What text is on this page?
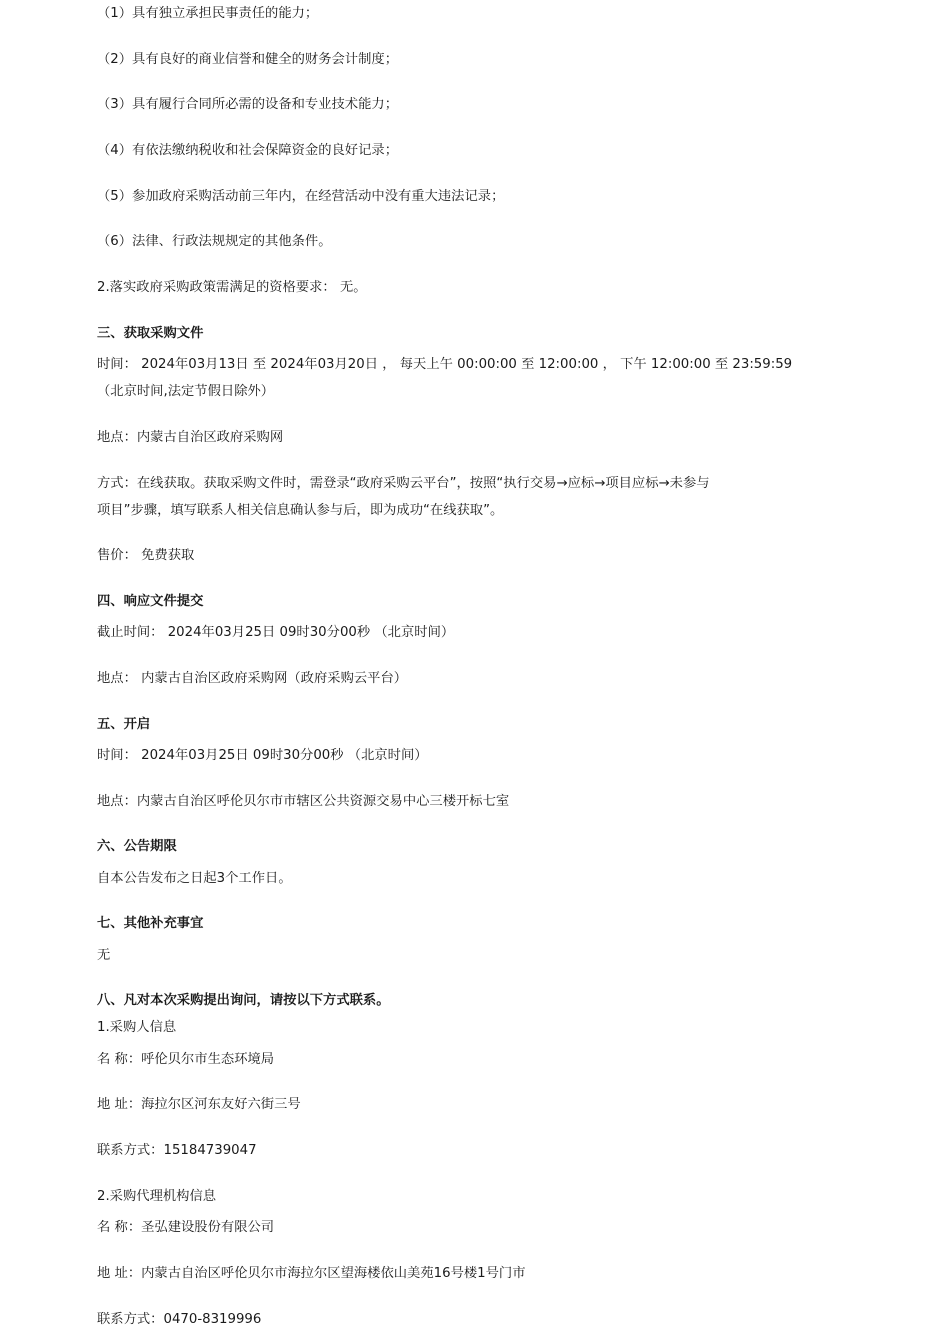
（1）具有独立承担民事责任的能力；
（2）具有良好的商业信誉和健全的财务会计制度；
（3）具有履行合同所必需的设备和专业技术能力；
（4）有依法缴纳税收和社会保障资金的良好记录；
（5）参加政府采购活动前三年内，在经营活动中没有重大违法记录；
（6）法律、行政法规规定的其他条件。
2.落实政府采购政策需满足的资格要求： 无。
三、获取采购文件
时间： 2024年03月13日 至 2024年03月20日 ， 每天上午 00:00:00 至 12:00:00 ， 下午 12:00:00 至 23:59:59
（北京时间,法定节假日除外）
地点：内蒙古自治区政府采购网
方式：在线获取。获取采购文件时，需登录“政府采购云平台”，按照“执行交易→应标→项目应标→未参与
项目”步骤，填写联系人相关信息确认参与后，即为成功“在线获取”。
售价： 免费获取
四、响应文件提交
截止时间： 2024年03月25日 09时30分00秒 （北京时间）
地点： 内蒙古自治区政府采购网（政府采购云平台）
五、开启
时间： 2024年03月25日 09时30分00秒 （北京时间）
地点：内蒙古自治区呼伦贝尔市市辖区公共资源交易中心三楼开标七室
六、公告期限
自本公告发布之日起3个工作日。
七、其他补充事宜
无
八、凡对本次采购提出询问，请按以下方式联系。
1.采购人信息
名 称：呼伦贝尔市生态环境局
地 址：海拉尔区河东友好六街三号
联系方式：15184739047
2.采购代理机构信息
名 称：圣弘建设股份有限公司
地 址：内蒙古自治区呼伦贝尔市海拉尔区望海楼依山美苑16号楼1号门市
联系方式：0470-8319996
